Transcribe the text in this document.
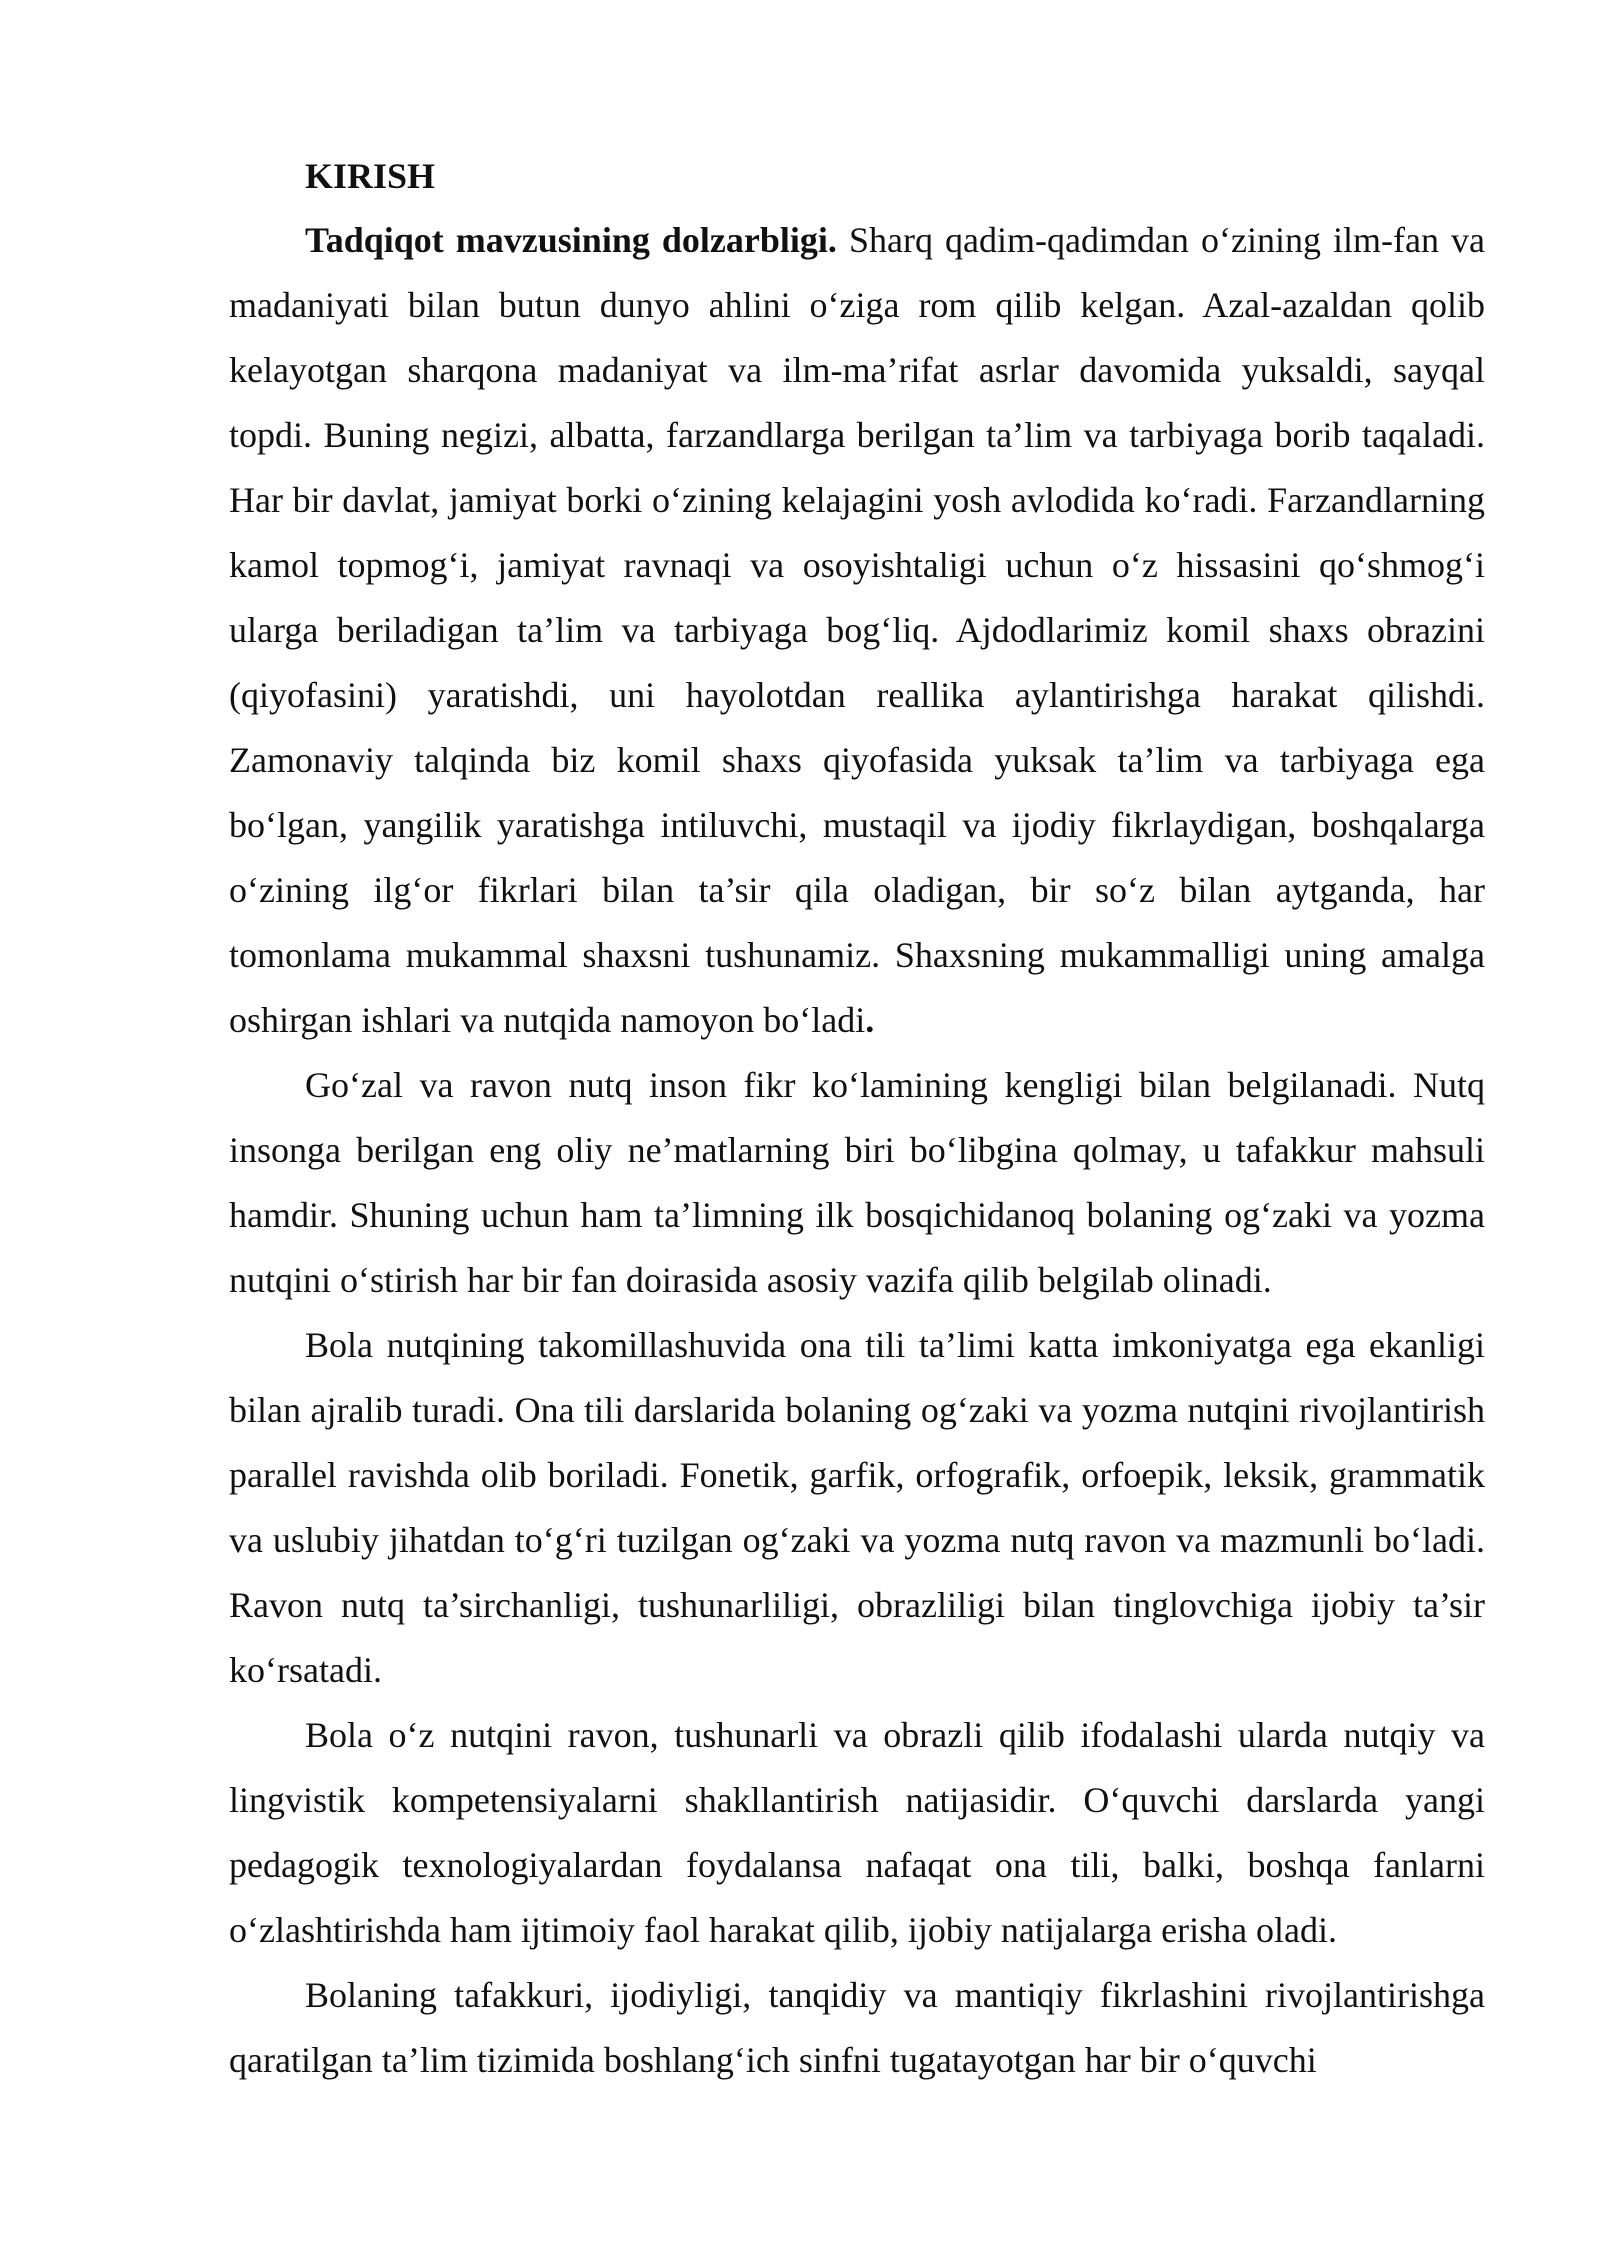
KIRISH

Tadqiqot mavzusining dolzarbligi. Sharq qadim-qadimdan o‘zining ilm-fan va madaniyati bilan butun dunyo ahlini o‘ziga rom qilib kelgan. Azal-azaldan qolib kelayotgan sharqona madaniyat va ilm-ma’rifat asrlar davomida yuksaldi, sayqal topdi. Buning negizi, albatta, farzandlarga berilgan ta’lim va tarbiyaga borib taqaladi. Har bir davlat, jamiyat borki o‘zining kelajagini yosh avlodida ko‘radi. Farzandlarning kamol topmog‘i, jamiyat ravnaqi va osoyishtaligi uchun o‘z hissasini qo‘shmog‘i ularga beriladigan ta’lim va tarbiyaga bog‘liq. Ajdodlarimiz komil shaxs obrazini (qiyofasini) yaratishdi, uni hayolotdan reallika aylantirishga harakat qilishdi. Zamonaviy talqinda biz komil shaxs qiyofasida yuksak ta’lim va tarbiyaga ega bo‘lgan, yangilik yaratishga intiluvchi, mustaqil va ijodiy fikrlaydigan, boshqalarga o‘zining ilg‘or fikrlari bilan ta’sir qila oladigan, bir so‘z bilan aytganda, har tomonlama mukammal shaxsni tushunamiz. Shaxsning mukammalligi uning amalga oshirgan ishlari va nutqida namoyon bo‘ladi.

Go‘zal va ravon nutq inson fikr ko‘lamining kengligi bilan belgilanadi. Nutq insonga berilgan eng oliy ne’matlarning biri bo‘libgina qolmay, u tafakkur mahsuli hamdir. Shuning uchun ham ta’limning ilk bosqichidanoq bolaning og‘zaki va yozma nutqini o‘stirish har bir fan doirasida asosiy vazifa qilib belgilab olinadi.

Bola nutqining takomillashuvida ona tili ta’limi katta imkoniyatga ega ekanligi bilan ajralib turadi. Ona tili darslarida bolaning og‘zaki va yozma nutqini rivojlantirish parallel ravishda olib boriladi. Fonetik, garfik, orfografik, orfoepik, leksik, grammatik va uslubiy jihatdan to‘g‘ri tuzilgan og‘zaki va yozma nutq ravon va mazmunli bo‘ladi. Ravon nutq ta’sirchanligi, tushunarliligi, obrazliligi bilan tinglovchiga ijobiy ta’sir ko‘rsatadi.

Bola o‘z nutqini ravon, tushunarli va obrazli qilib ifodalashi ularda nutqiy va lingvistik kompetensiyalarni shakllantirish natijasidir. O‘quvchi darslarda yangi pedagogik texnologiyalardan foydalansa nafaqat ona tili, balki, boshqa fanlarni o‘zlashtirishda ham ijtimoiy faol harakat qilib, ijobiy natijalarga erisha oladi.

Bolaning tafakkuri, ijodiyligi, tanqidiy va mantiqiy fikrlashini rivojlantirishga qaratilgan ta’lim tizimida boshlang‘ich sinfni tugatayotgan har bir o‘quvchi
